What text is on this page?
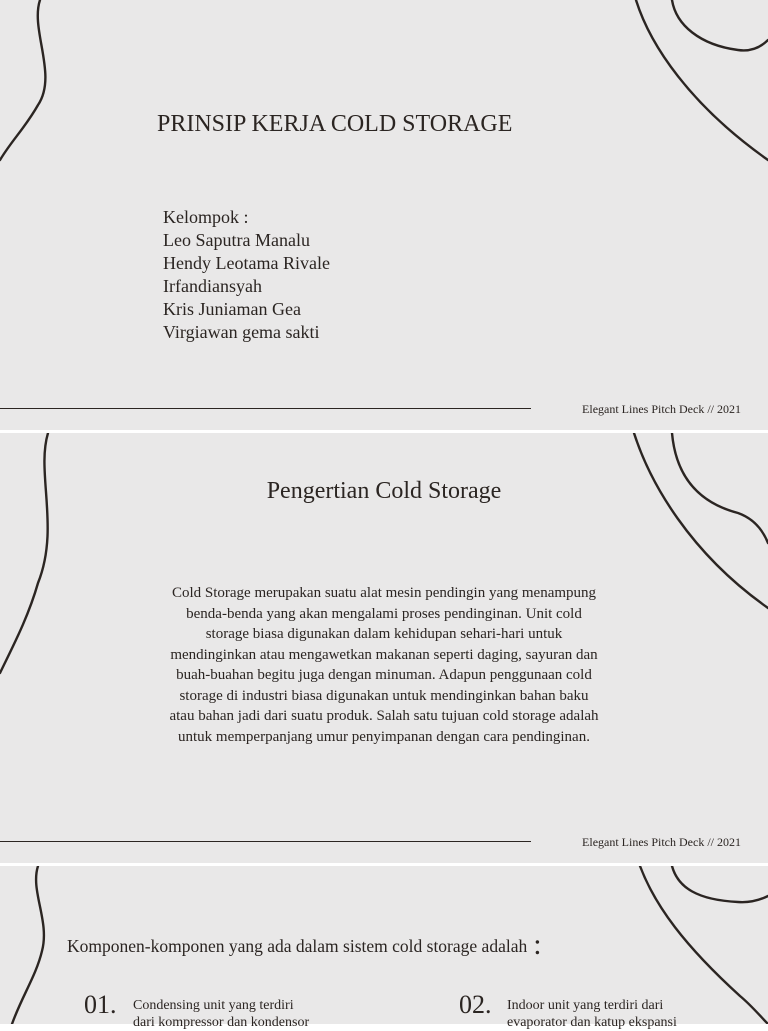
PRINSIP KERJA COLD STORAGE
Kelompok :
Leo Saputra Manalu
Hendy Leotama Rivale
Irfandiansyah
Kris Juniaman Gea
Virgiawan gema sakti
Elegant Lines Pitch Deck // 2021
Elegant Lines Pitch Deck // 2021
Pengertian Cold Storage
Cold Storage merupakan suatu alat mesin pendingin yang menampung
benda-benda yang akan mengalami proses pendinginan. Unit cold
storage biasa digunakan dalam kehidupan sehari-hari untuk
mendinginkan atau mengawetkan makanan seperti daging, sayuran dan
buah-buahan begitu juga dengan minuman. Adapun penggunaan cold
storage di industri biasa digunakan untuk mendinginkan bahan baku
atau bahan jadi dari suatu produk. Salah satu tujuan cold storage adalah
untuk memperpanjang umur penyimpanan dengan cara pendinginan.
Komponen-komponen yang ada dalam sistem cold storage adalah :
01. Condensing unit yang terdiri
dari kompressor dan kondensor
02. Indoor unit yang terdiri dari
evaporator dan katup ekspansi
